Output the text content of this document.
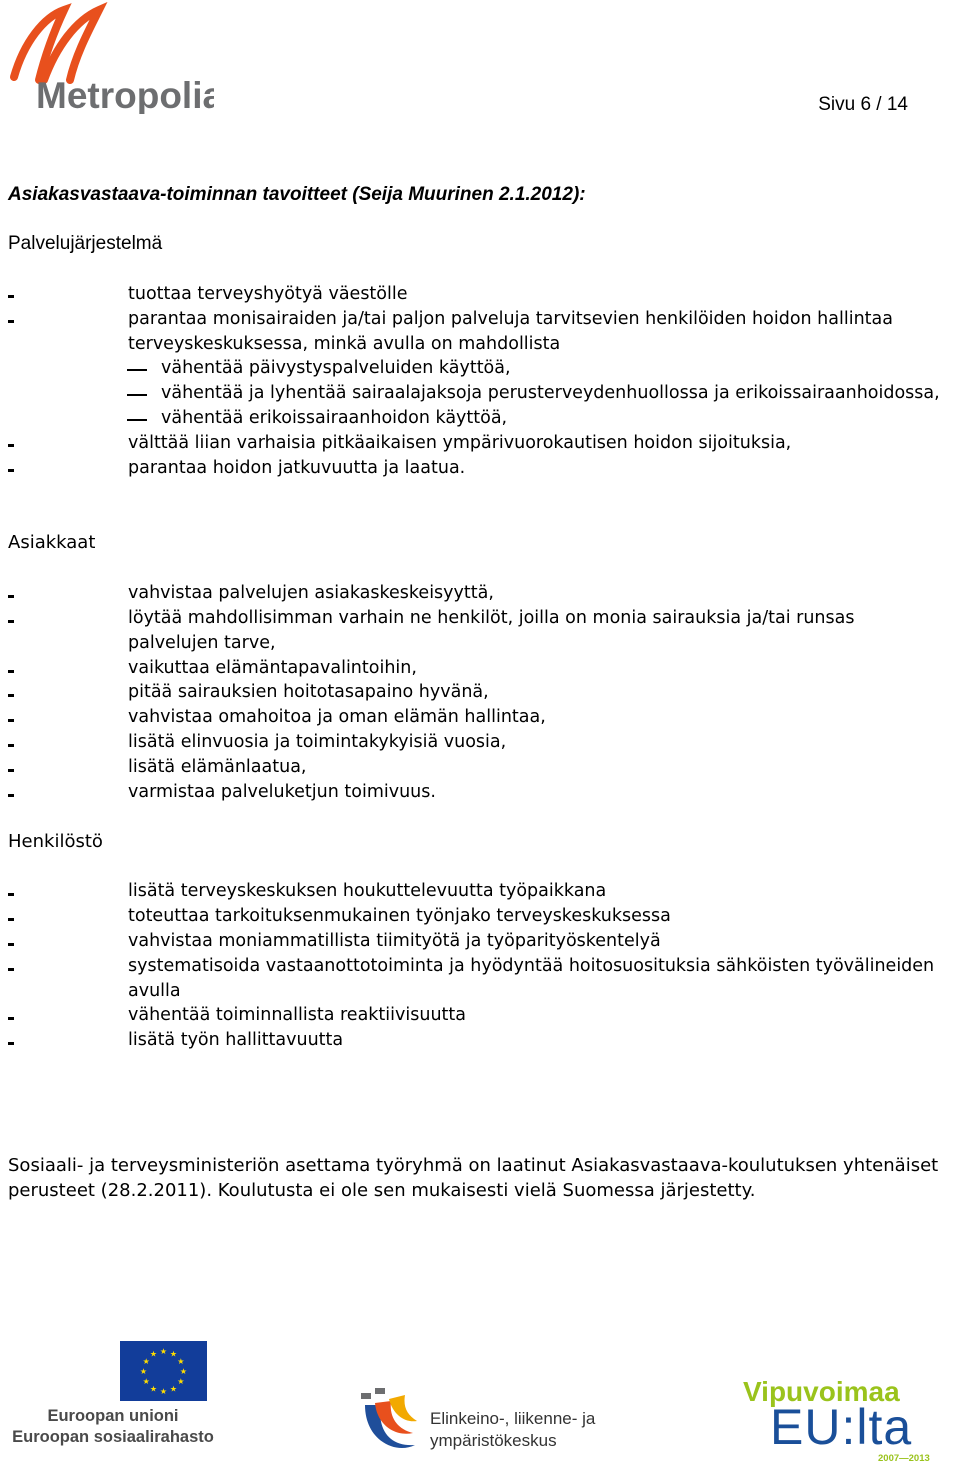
Metropolia	Sivu 6 / 14
Asiakasvastaava-toiminnan tavoitteet (Seija Muurinen 2.1.2012):
Palvelujärjestelmä
tuottaa terveyshyötyä väestölle
parantaa monisairaiden ja/tai paljon palveluja tarvitsevien henkilöiden hoidon hallintaa
terveyskeskuksessa, minkä avulla on mahdollista
vähentää päivystyspalveluiden käyttöä,
vähentää ja lyhentää sairaalajaksoja perusterveydenhuollossa ja erikoissairaanhoidossa,
vähentää erikoissairaanhoidon käyttöä,
välttää liian varhaisia pitkäaikaisen ympärivuorokautisen hoidon sijoituksia,
parantaa hoidon jatkuvuutta ja laatua.
Asiakkaat
vahvistaa palvelujen asiakaskeskeisyyttä,
löytää mahdollisimman varhain ne henkilöt, joilla on monia sairauksia ja/tai runsas
palvelujen tarve,
vaikuttaa elämäntapavalintoihin,
pitää sairauksien hoitotasapaino hyvänä,
vahvistaa omahoitoa ja oman elämän hallintaa,
lisätä elinvuosia ja toimintakykyisiä vuosia,
lisätä elämänlaatua,
varmistaa palveluketjun toimivuus.
Henkilöstö
lisätä terveyskeskuksen houkuttelevuutta työpaikkana
toteuttaa tarkoituksenmukainen työnjako terveyskeskuksessa
vahvistaa moniammatillista tiimityötä ja työparityöskentelyä
systematisoida vastaanottotoiminta ja hyödyntää hoitosuosituksia sähköisten työvälineiden
avulla
vähentää toiminnallista reaktiivisuutta
lisätä työn hallittavuutta
Sosiaali- ja terveysministeriön asettama työryhmä on laatinut Asiakasvastaava-koulutuksen yhtenäiset perusteet (28.2.2011). Koulutusta ei ole sen mukaisesti vielä Suomessa järjestetty.
★ ★
★
★
★
★
★
★
★
★
★
★
Euroopan unioni
Euroopan sosiaalirahasto
Elinkeino-, liikenne- ja
ympäristökeskus
Vipuvoimaa
EU:lta
2007—2013
